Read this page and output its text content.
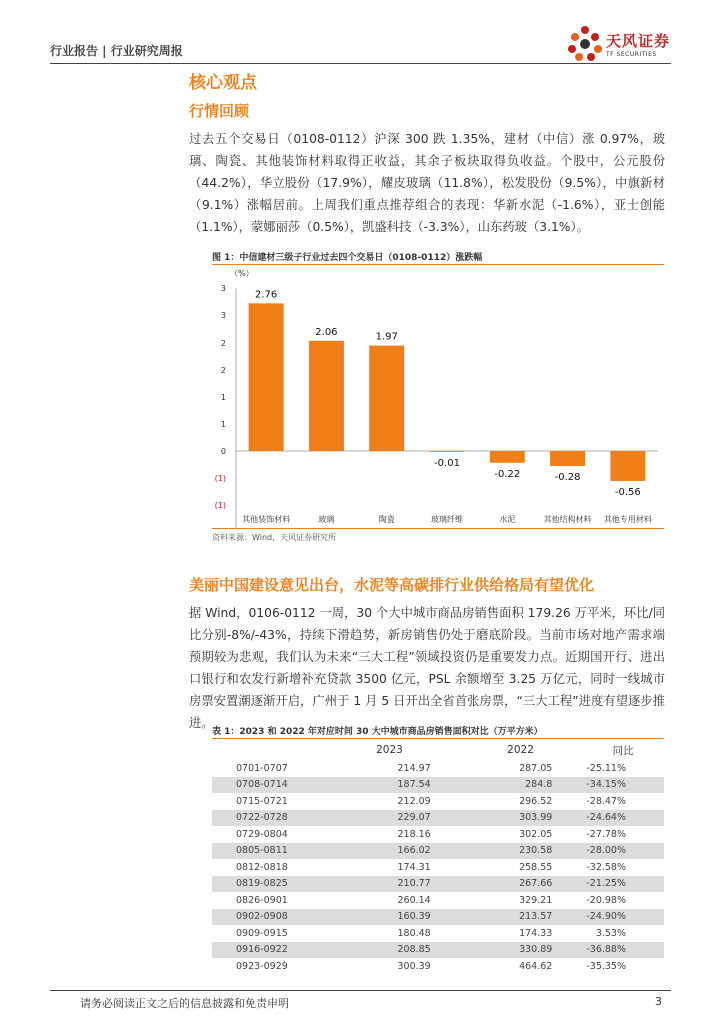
行业报告 | 行业研究周报
天风证券
TF SECURITIES
核心观点
行情回顾
过去五个交易日（0108-0112）沪深 300 跌 1.35%，建材（中信）涨 0.97%，玻璃、陶瓷、其他装饰材料取得正收益，其余子板块取得负收益。个股中，公元股份（44.2%），华立股份（17.9%），耀皮玻璃（11.8%），松发股份（9.5%），中旗新材（9.1%）涨幅居前。上周我们重点推荐组合的表现：华新水泥（-1.6%），亚士创能（1.1%），蒙娜丽莎（0.5%），凯盛科技（-3.3%），山东药玻（3.1%）。
图 1：中信建材三级子行业过去四个交易日（0108-0112）涨跌幅
（%）
3
3
2
2
1
1
0
(1)
(1)
2.76
其他装饰材料
2.06
玻璃
1.97
陶瓷
-0.01
玻璃纤维
-0.22
水泥
-0.28
其他结构材料
-0.56
其他专用材料
资料来源：Wind，天风证券研究所
美丽中国建设意见出台，水泥等高碳排行业供给格局有望优化
据 Wind，0106-0112 一周，30 个大中城市商品房销售面积 179.26 万平米，环比/同比分别-8%/-43%，持续下滑趋势，新房销售仍处于磨底阶段。当前市场对地产需求端预期较为悲观，我们认为未来“三大工程”领域投资仍是重要发力点。近期国开行、进出口银行和农发行新增补充贷款 3500 亿元，PSL 余额增至 3.25 万亿元，同时一线城市房票安置潮逐渐开启，广州于 1 月 5 日开出全省首张房票，“三大工程”进度有望逐步推进。
表 1：2023 和 2022 年对应时间 30 大中城市商品房销售面积对比（万平方米）
	2023	2022	同比
0701-0707	214.97	287.05	-25.11%
0708-0714	187.54	284.8	-34.15%
0715-0721	212.09	296.52	-28.47%
0722-0728	229.07	303.99	-24.64%
0729-0804	218.16	302.05	-27.78%
0805-0811	166.02	230.58	-28.00%
0812-0818	174.31	258.55	-32.58%
0819-0825	210.77	267.66	-21.25%
0826-0901	260.14	329.21	-20.98%
0902-0908	160.39	213.57	-24.90%
0909-0915	180.48	174.33	3.53%
0916-0922	208.85	330.89	-36.88%
0923-0929	300.39	464.62	-35.35%
请务必阅读正文之后的信息披露和免责申明	3
